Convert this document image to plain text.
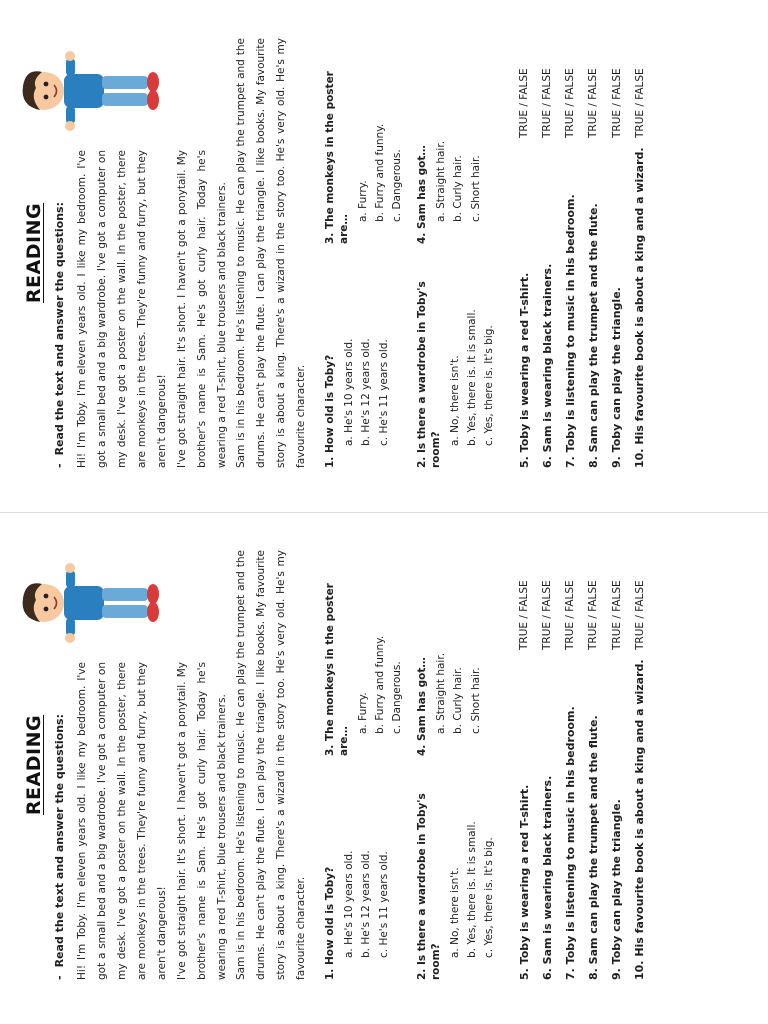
READING
-Read the text and answer the questions: Hi! I'm Toby. I'm eleven years old. I like my bedroom. I've got a small bed and a big wardrobe. I've got a computer on my desk. I've got a poster on the wall. In the poster, there are monkeys in the trees. They're funny and furry, but they aren't dangerous! I've got straight hair. It's short. I haven't got a ponytail. My brother's name is Sam. He's got curly hair. Today he's wearing a red T-shirt, blue trousers and black trainers. Sam is in his bedroom. He's listening to music. He can play the trumpet and the drums. He can't play the flute. I can play the triangle. I like books. My favourite story is about a king. There's a wizard in the story too. He's very old. He's my favourite character.	1. How old is Toby? a. He's 10 years old. b. He's 12 years old. c. He's 11 years old.
3. The monkeys in the poster are…
a. Furry. b. Furry and funny. c. Dangerous.
2. Is there a wardrobe in Toby's room?
a. No, there isn't. b. Yes, there is. It is small. c. Yes, there is. It's big.
4. Sam has got… a. Straight hair. b. Curly hair. c. Short hair.
5. Toby is wearing a red T-shirt.
TRUE / FALSE
6. Sam is wearing black trainers.
TRUE / FALSE
7. Toby is listening to music in his bedroom.
TRUE / FALSE
8. Sam can play the trumpet and the flute.
TRUE / FALSE
9. Toby can play the triangle.
TRUE / FALSE
10. His favourite book is about a king and a wizard.
TRUE / FALSE
READING
-Read the text and answer the questions: Hi! I'm Toby. I'm eleven years old. I like my bedroom. I've got a small bed and a big wardrobe. I've got a computer on my desk. I've got a poster on the wall. In the poster, there are monkeys in the trees. They're funny and furry, but they aren't dangerous! I've got straight hair. It's short. I haven't got a ponytail. My brother's name is Sam. He's got curly hair. Today he's wearing a red T-shirt, blue trousers and black trainers. Sam is in his bedroom. He's listening to music. He can play the trumpet and the drums. He can't play the flute. I can play the triangle. I like books. My favourite story is about a king. There's a wizard in the story too. He's very old. He's my favourite character.	1. How old is Toby? a. He's 10 years old. b. He's 12 years old. c. He's 11 years old.
3. The monkeys in the poster are…
a. Furry. b. Furry and funny. c. Dangerous.
2. Is there a wardrobe in Toby's room?
a. No, there isn't. b. Yes, there is. It is small. c. Yes, there is. It's big.
4. Sam has got… a. Straight hair. b. Curly hair. c. Short hair.
5. Toby is wearing a red T-shirt.
TRUE / FALSE
6. Sam is wearing black trainers.
TRUE / FALSE
7. Toby is listening to music in his bedroom.
TRUE / FALSE
8. Sam can play the trumpet and the flute.
TRUE / FALSE
9. Toby can play the triangle.
TRUE / FALSE
10. His favourite book is about a king and a wizard.
TRUE / FALSE
